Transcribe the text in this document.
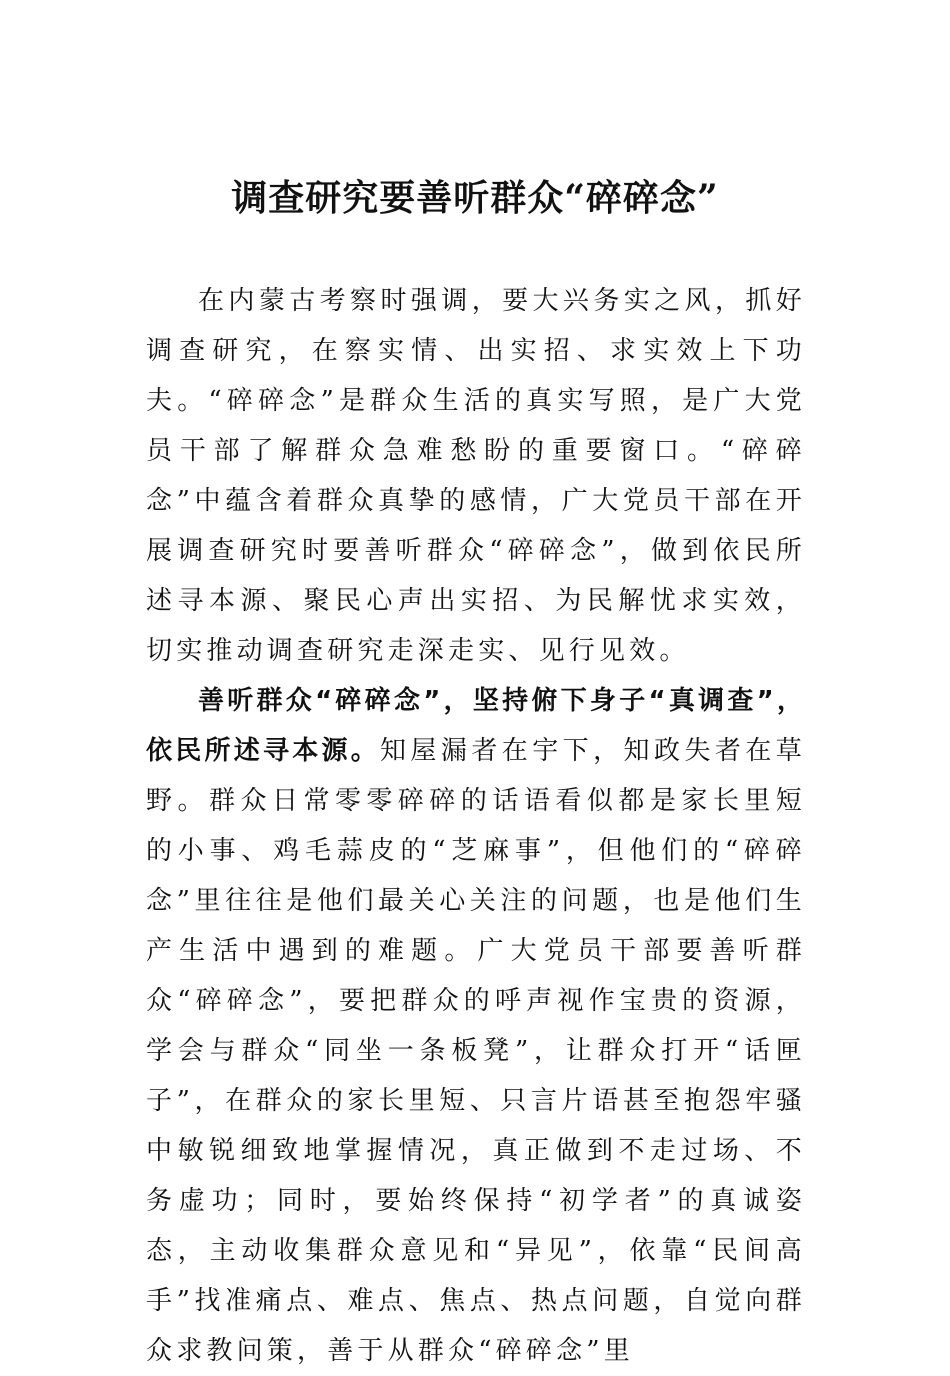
调查研究要善听群众“碎碎念”

在内蒙古考察时强调，要大兴务实之风，抓好调查研究，在察实情、出实招、求实效上下功夫。“碎碎念”是群众生活的真实写照，是广大党员干部了解群众急难愁盼的重要窗口。“碎碎念”中蕴含着群众真挚的感情，广大党员干部在开展调查研究时要善听群众“碎碎念”，做到依民所述寻本源、聚民心声出实招、为民解忧求实效，切实推动调查研究走深走实、见行见效。

善听群众“碎碎念”，坚持俯下身子“真调查”，依民所述寻本源。知屋漏者在宇下，知政失者在草野。群众日常零零碎碎的话语看似都是家长里短的小事、鸡毛蒜皮的“芝麻事”，但他们的“碎碎念”里往往是他们最关心关注的问题，也是他们生产生活中遇到的难题。广大党员干部要善听群众“碎碎念”，要把群众的呼声视作宝贵的资源，学会与群众“同坐一条板凳”，让群众打开“话匣子”，在群众的家长里短、只言片语甚至抱怨牢骚中敏锐细致地掌握情况，真正做到不走过场、不务虚功；同时，要始终保持“初学者”的真诚姿态，主动收集群众意见和“异见”，依靠“民间高手”找准痛点、难点、焦点、热点问题，自觉向群众求教问策，善于从群众“碎碎念”里
